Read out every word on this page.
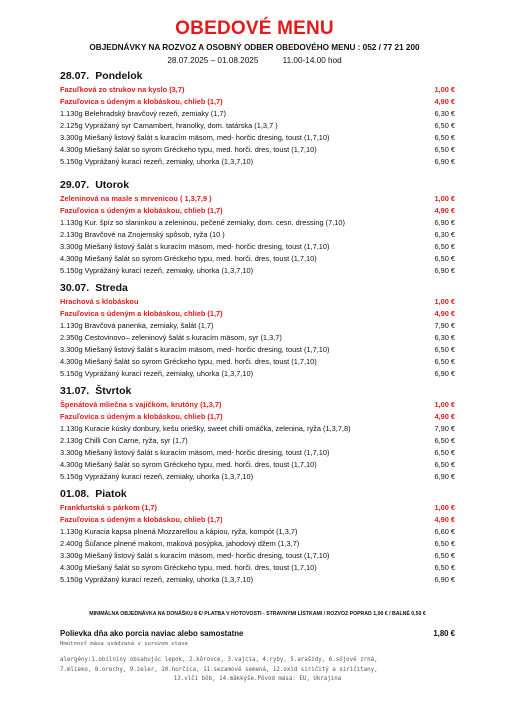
OBEDOVÉ MENU
OBJEDNÁVKY NA ROZVOZ A OSOBNÝ ODBER OBEDOVÉHO MENU : 052 / 77 21 200
28.07.2025 – 01.08.2025	11.00-14.00 hod
28.07. Pondelok
Fazuľková zo strukov na kyslo (3,7)	1,00 €
Fazuľovica s údeným a klobáskou, chlieb (1,7)	4,90 €
1.130g Belehradský bravčový rezeň, zemiaky (1,7)	6,30 €
2.125g Vyprážaný syr Camambert, hranolky, dom. tatárska (1,3,7 )	6,50 €
3.300g Miešaný listový šalát s kuracím mäsom, med- horčic dresing, toust (1,7,10)	6,50 €
4.300g Miešaný šalát so syrom Gréckeho typu, med. horči. dres, toust (1,7,10)	6,50 €
5.150g Vyprážaný kurací rezeň, zemiaky, uhorka (1,3,7,10)	6,90 €
29.07. Utorok
Zeleninová na masle s mrvenicou ( 1,3,7,9 )	1,00 €
Fazuľovica s údeným a klobáskou, chlieb (1,7)	4,90 €
1.130g Kur. špíz so slaninkou a zeleninou, pečené zemiaky, dom. cesn. dressing (7,10)	6,90 €
2.130g Bravčové na Znojemský spôsob, ryža (10 )	6,30 €
3.300g Miešaný listový šalát s kuracím mäsom, med- horčic dresing, toust (1,7,10)	6,50 €
4.300g Miešaný šalát so syrom Gréckeho typu, med. horči. dres, toust (1,7,10)	6,50 €
5.150g Vyprážaný kurací rezeň, zemiaky, uhorka (1,3,7,10)	6,90 €
30.07. Streda
Hrachová s klobáskou	1,00 €
Fazuľovica s údeným a klobáskou, chlieb (1,7)	4,90 €
1.130g Bravčová panenka, zemiaky, šalát (1,7)	7,90 €
2.350g Cestovinovo– zeleninový šalát s kuracím mäsom, syr (1,3,7)	6,30 €
3.300g Miešaný listový šalát s kuracím mäsom, med- horčic dresing, toust (1,7,10)	6,50 €
4.300g Miešaný šalát so syrom Gréckeho typu, med. horči. dres, toust (1,7,10)	6,50 €
5.150g Vyprážaný kurací rezeň, zemiaky, uhorka (1,3,7,10)	6,90 €
31.07. Štvrtok
Špenátová mliečna s vajíčkom, krutóny (1,3,7)	1,00 €
Fazuľovica s údeným a klobáskou, chlieb (1,7)	4,90 €
1.130g Kuracie kúsky donbury, kešu oriešky, sweet chilli omáčka, zelenina, ryža (1,3,7,8)	7,90 €
2.130g Chilli Con Carne, ryža, syr (1,7)	6,50 €
3.300g Miešaný listový šalát s kuracím mäsom, med- horčic dresing, toust (1,7,10)	6,50 €
4.300g Miešaný šalát so syrom Gréckeho typu, med. horči. dres, toust (1,7,10)	6,50 €
5.150g Vyprážaný kurací rezeň, zemiaky, uhorka (1,3,7,10)	6,90 €
01.08. Piatok
Frankfurtská s párkom (1,7)	1,00 €
Fazuľovica s údeným a klobáskou, chlieb (1,7)	4,90 €
1.130g Kuracia kapsa plnená Mozzarellou a kápiou, ryža, kompót (1,3,7)	6,60 €
2.400g Šúľance plnené makom, maková posýpka, jahodový džem (1,3,7)	6,50 €
3.300g Miešaný listový šalát s kuracím mäsom, med- horčic dresing, toust (1,7,10)	6,50 €
4.300g Miešaný šalát so syrom Gréckeho typu, med. horči. dres, toust (1,7,10)	6,50 €
5.150g Vyprážaný kurací rezeň, zemiaky, uhorka (1,3,7,10)	6,90 €
MINIMÁLNA OBJEDNÁVKA NA DONÁŠKU 8 €/ PLATBA V HOTOVOSTI - STRAVNÝMI LÍSTKAMI / ROZVOZ POPRAD 1,00 € / BALNÉ 0,50 €
Polievka dňa ako porcia naviac alebo samostatne	1,80 €
Hmotnosť mäsa uvádzaná v surovom stave
alergény:1.obilniny obsahujúc lepok, 2.kôrovce, 3.vajcia, 4.ryby, 5.arašidy, 6.sójové zrná,
7.mlieko, 8.orechy, 9.zeler, 10.horčica, 11.sezamové semená, 12.oxid siričitý a siričitany,
13.vlčí bôb, 14.mäkkýše.Pôvod mäsa: EU, Ukrajina
